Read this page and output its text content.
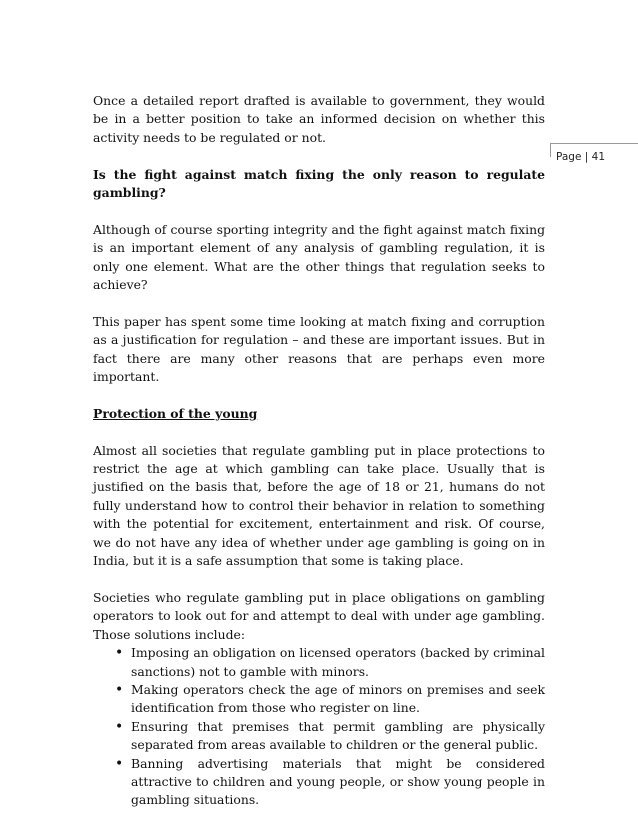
Page | 41

Once a detailed report drafted is available to government, they would be in a better position to take an informed decision on whether this activity needs to be regulated or not.

Is the fight against match fixing the only reason to regulate gambling?

Although of course sporting integrity and the fight against match fixing is an important element of any analysis of gambling regulation, it is only one element. What are the other things that regulation seeks to achieve?

This paper has spent some time looking at match fixing and corruption as a justification for regulation – and these are important issues. But in fact there are many other reasons that are perhaps even more important.

Protection of the young

Almost all societies that regulate gambling put in place protections to restrict the age at which gambling can take place. Usually that is justified on the basis that, before the age of 18 or 21, humans do not fully understand how to control their behavior in relation to something with the potential for excitement, entertainment and risk. Of course, we do not have any idea of whether under age gambling is going on in India, but it is a safe assumption that some is taking place.

Societies who regulate gambling put in place obligations on gambling operators to look out for and attempt to deal with under age gambling. Those solutions include:

• Imposing an obligation on licensed operators (backed by criminal sanctions) not to gamble with minors.
• Making operators check the age of minors on premises and seek identification from those who register on line.
• Ensuring that premises that permit gambling are physically separated from areas available to children or the general public.
• Banning advertising materials that might be considered attractive to children and young people, or show young people in gambling situations.
